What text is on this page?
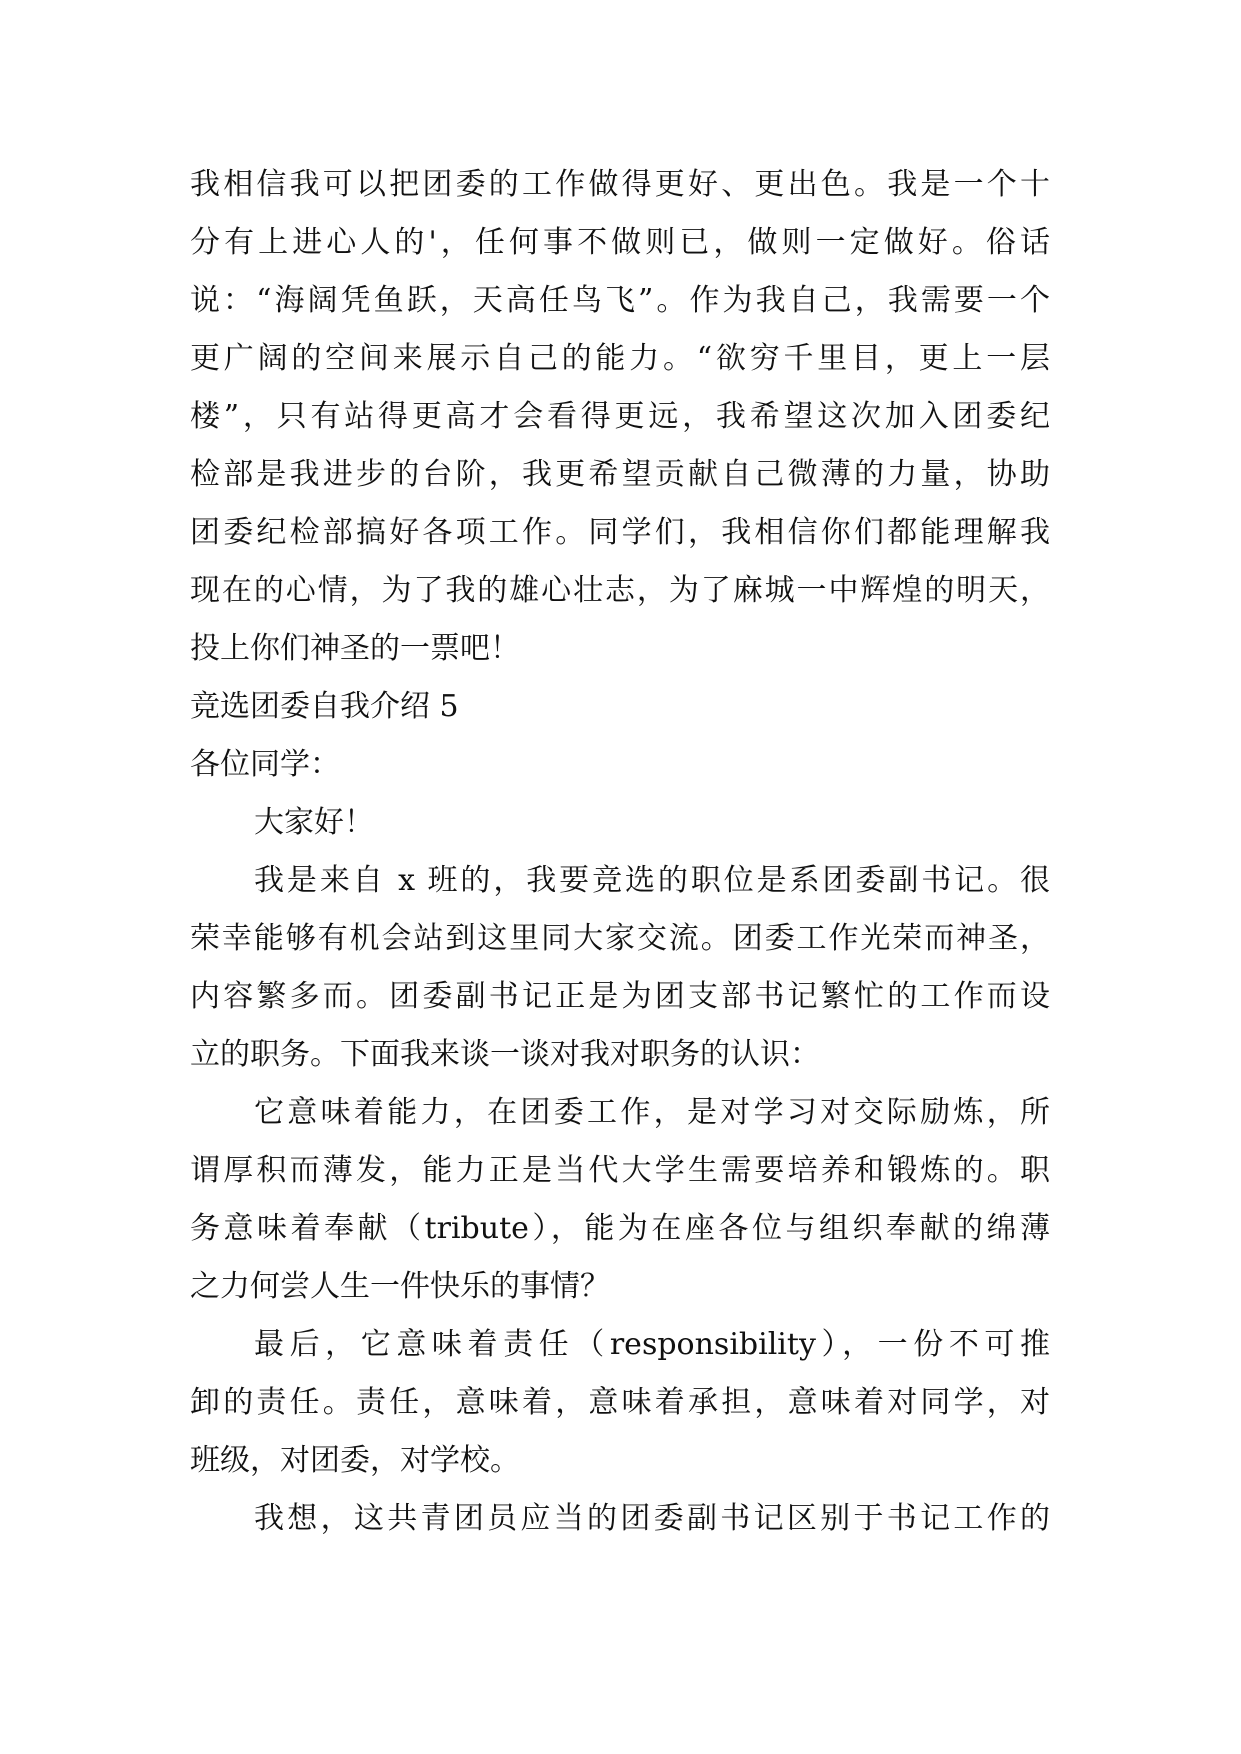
我相信我可以把团委的工作做得更好、更出色。我是一个十
分有上进心人的'，任何事不做则已，做则一定做好。俗话
说：“海阔凭鱼跃，天高任鸟飞”。作为我自己，我需要一个
更广阔的空间来展示自己的能力。“欲穷千里目，更上一层
楼”，只有站得更高才会看得更远，我希望这次加入团委纪
检部是我进步的台阶，我更希望贡献自己微薄的力量，协助
团委纪检部搞好各项工作。同学们，我相信你们都能理解我
现在的心情，为了我的雄心壮志，为了麻城一中辉煌的明天，
投上你们神圣的一票吧！
竞选团委自我介绍 5
各位同学：
大家好！
我是来自 x 班的，我要竞选的职位是系团委副书记。很
荣幸能够有机会站到这里同大家交流。团委工作光荣而神圣，
内容繁多而。团委副书记正是为团支部书记繁忙的工作而设
立的职务。下面我来谈一谈对我对职务的认识：
它意味着能力，在团委工作，是对学习对交际励炼，所
谓厚积而薄发，能力正是当代大学生需要培养和锻炼的。职
务意味着奉献（tribute），能为在座各位与组织奉献的绵薄
之力何尝人生一件快乐的事情？
最后，它意味着责任（responsibility），一份不可推
卸的责任。责任，意味着，意味着承担，意味着对同学，对
班级，对团委，对学校。
我想，这共青团员应当的团委副书记区别于书记工作的
